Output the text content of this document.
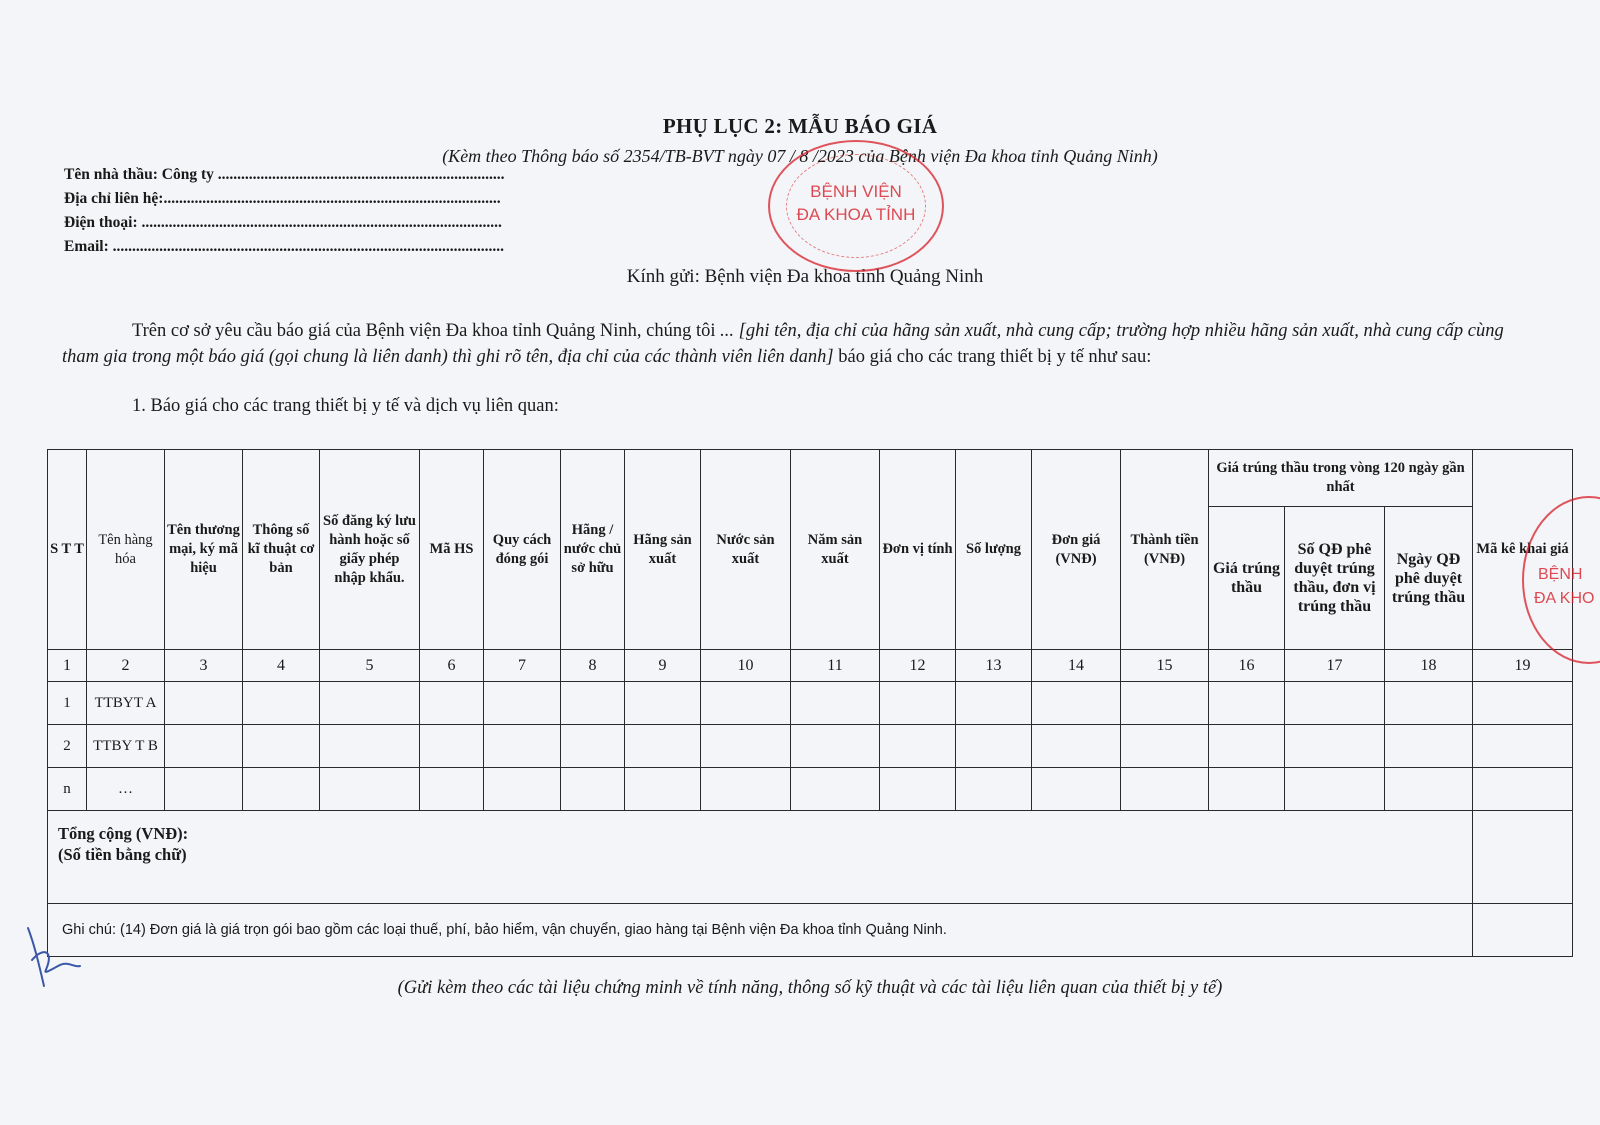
PHỤ LỤC 2: MẪU BÁO GIÁ
(Kèm theo Thông báo số 2354/TB-BVT ngày 07 / 8 /2023 của Bệnh viện Đa khoa tỉnh Quảng Ninh)
Tên nhà thầu: Công ty ..........................................................................
Địa chỉ liên hệ:.......................................................................................
Điện thoại: .............................................................................................
Email: .....................................................................................................
Kính gửi: Bệnh viện Đa khoa tỉnh Quảng Ninh
Trên cơ sở yêu cầu báo giá của Bệnh viện Đa khoa tỉnh Quảng Ninh, chúng tôi ... [ghi tên, địa chỉ của hãng sản xuất, nhà cung cấp; trường hợp nhiều hãng sản xuất, nhà cung cấp cùng tham gia trong một báo giá (gọi chung là liên danh) thì ghi rõ tên, địa chỉ của các thành viên liên danh] báo giá cho các trang thiết bị y tế như sau:
1. Báo giá cho các trang thiết bị y tế và dịch vụ liên quan:
S T T	Tên hàng hóa	Tên thương mại, ký mã hiệu	Thông số kĩ thuật cơ bản	Số đăng ký lưu hành hoặc số giấy phép nhập khẩu.	Mã HS	Quy cách đóng gói	Hãng / nước chủ sở hữu	Hãng sản xuất	Nước sản xuất	Năm sản xuất	Đơn vị tính	Số lượng	Đơn giá (VNĐ)	Thành tiền (VNĐ)	Giá trúng thầu trong vòng 120 ngày gần nhất			Mã kê khai giá
															Giá trúng thầu	Số QĐ phê duyệt trúng thầu, đơn vị trúng thầu	Ngày QĐ phê duyệt trúng thầu	
1	2	3	4	5	6	7	8	9	10	11	12	13	14	15	16	17	18	19
1	TTBYT A																	
2	TTBY T B																	
n	…																	

Tổng cộng (VNĐ):
(Số tiền bằng chữ)																		

Ghi chú: (14) Đơn giá là giá trọn gói bao gồm các loại thuế, phí, bảo hiểm, vận chuyển, giao hàng tại Bệnh viện Đa khoa tỉnh Quảng Ninh.																		
(Gửi kèm theo các tài liệu chứng minh về tính năng, thông số kỹ thuật và các tài liệu liên quan của thiết bị y tế)
BỆNH VIỆN
ĐA KHOA TỈNH
BỆNH
ĐA KHO
